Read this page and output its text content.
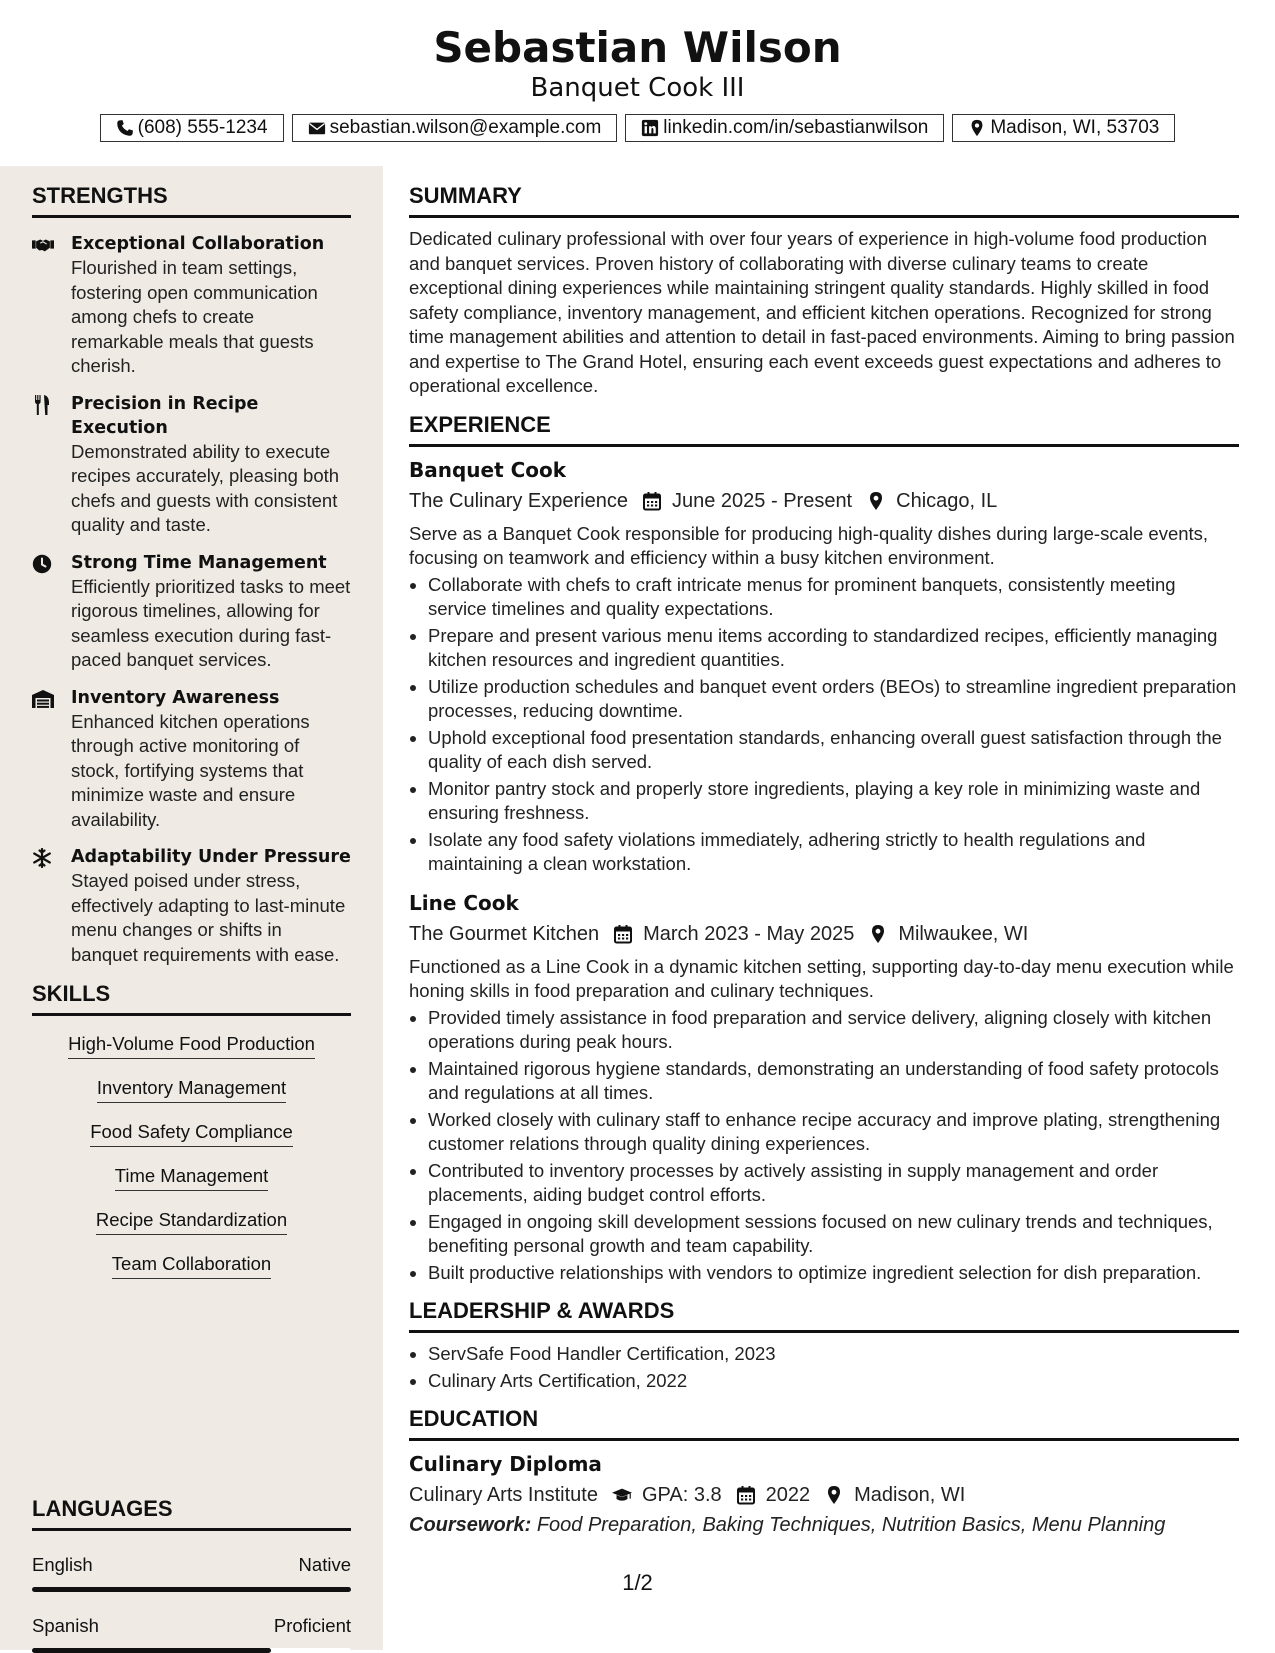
Sebastian Wilson
Banquet Cook III
(608) 555-1234	sebastian.wilson@example.com	linkedin.com/in/sebastianwilson	Madison, WI, 53703
STRENGTHS
Exceptional Collaboration
Flourished in team settings, fostering open communication among chefs to create remarkable meals that guests cherish.
Precision in Recipe Execution
Demonstrated ability to execute recipes accurately, pleasing both chefs and guests with consistent quality and taste.
Strong Time Management
Efficiently prioritized tasks to meet rigorous timelines, allowing for seamless execution during fast-paced banquet services.
Inventory Awareness
Enhanced kitchen operations through active monitoring of stock, fortifying systems that minimize waste and ensure availability.
Adaptability Under Pressure
Stayed poised under stress, effectively adapting to last-minute menu changes or shifts in banquet requirements with ease.
SKILLS
High-Volume Food Production
Inventory Management
Food Safety Compliance
Time Management
Recipe Standardization
Team Collaboration
LANGUAGES
English	Native
Spanish	Proficient
SUMMARY

Dedicated culinary professional with over four years of experience in high-volume food production and banquet services. Proven history of collaborating with diverse culinary teams to create exceptional dining experiences while maintaining stringent quality standards. Highly skilled in food safety compliance, inventory management, and efficient kitchen operations. Recognized for strong time management abilities and attention to detail in fast-paced environments. Aiming to bring passion and expertise to The Grand Hotel, ensuring each event exceeds guest expectations and adheres to operational excellence.

EXPERIENCE
Banquet Cook
The Culinary Experience June 2025 - Present Chicago, IL
Serve as a Banquet Cook responsible for producing high-quality dishes during large-scale events, focusing on teamwork and efficiency within a busy kitchen environment.
• Collaborate with chefs to craft intricate menus for prominent banquets, consistently meeting service timelines and quality expectations.
• Prepare and present various menu items according to standardized recipes, efficiently managing kitchen resources and ingredient quantities.
• Utilize production schedules and banquet event orders (BEOs) to streamline ingredient preparation processes, reducing downtime.
• Uphold exceptional food presentation standards, enhancing overall guest satisfaction through the quality of each dish served.
• Monitor pantry stock and properly store ingredients, playing a key role in minimizing waste and ensuring freshness.
• Isolate any food safety violations immediately, adhering strictly to health regulations and maintaining a clean workstation.
Line Cook
The Gourmet Kitchen March 2023 - May 2025 Milwaukee, WI
Functioned as a Line Cook in a dynamic kitchen setting, supporting day-to-day menu execution while honing skills in food preparation and culinary techniques.
• Provided timely assistance in food preparation and service delivery, aligning closely with kitchen operations during peak hours.
• Maintained rigorous hygiene standards, demonstrating an understanding of food safety protocols and regulations at all times.
• Worked closely with culinary staff to enhance recipe accuracy and improve plating, strengthening customer relations through quality dining experiences.
• Contributed to inventory processes by actively assisting in supply management and order placements, aiding budget control efforts.
• Engaged in ongoing skill development sessions focused on new culinary trends and techniques, benefiting personal growth and team capability.
• Built productive relationships with vendors to optimize ingredient selection for dish preparation.
LEADERSHIP & AWARDS
• ServSafe Food Handler Certification, 2023
• Culinary Arts Certification, 2022
EDUCATION
Culinary Diploma
Culinary Arts Institute GPA: 3.8 2022 Madison, WI
Coursework: Food Preparation, Baking Techniques, Nutrition Basics, Menu Planning
1/2
